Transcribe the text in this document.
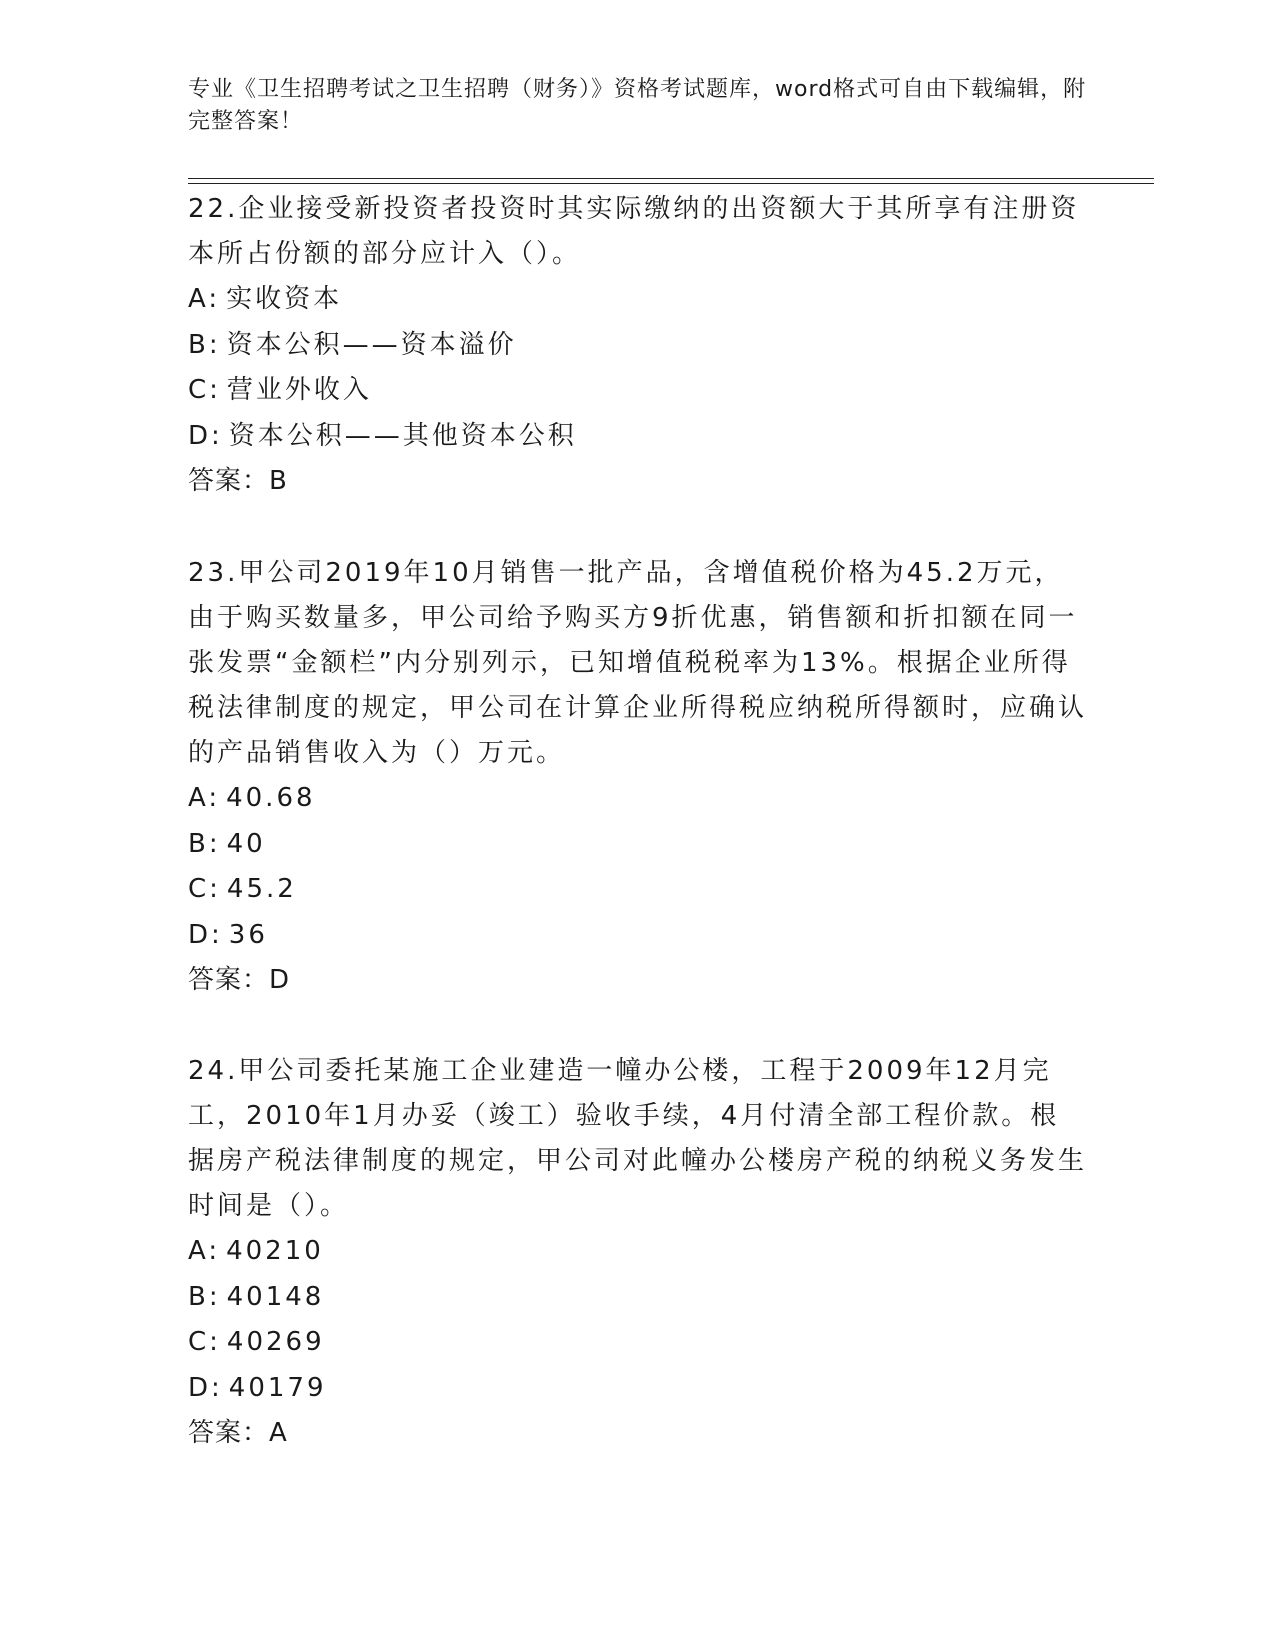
专业《卫生招聘考试之卫生招聘（财务）》资格考试题库，word格式可自由下载编辑，附完整答案！

22.企业接受新投资者投资时其实际缴纳的出资额大于其所享有注册资本所占份额的部分应计入（）。

A: 实收资本

B: 资本公积——资本溢价

C: 营业外收入

D: 资本公积——其他资本公积

答案：B

23.甲公司2019年10月销售一批产品，含增值税价格为45.2万元，由于购买数量多，甲公司给予购买方9折优惠，销售额和折扣额在同一张发票“金额栏”内分别列示，已知增值税税率为13%。根据企业所得税法律制度的规定，甲公司在计算企业所得税应纳税所得额时，应确认的产品销售收入为（）万元。

A: 40.68

B: 40

C: 45.2

D: 36

答案：D

24.甲公司委托某施工企业建造一幢办公楼，工程于2009年12月完工，2010年1月办妥（竣工）验收手续，4月付清全部工程价款。根据房产税法律制度的规定，甲公司对此幢办公楼房产税的纳税义务发生时间是（）。

A: 40210

B: 40148

C: 40269

D: 40179

答案：A
